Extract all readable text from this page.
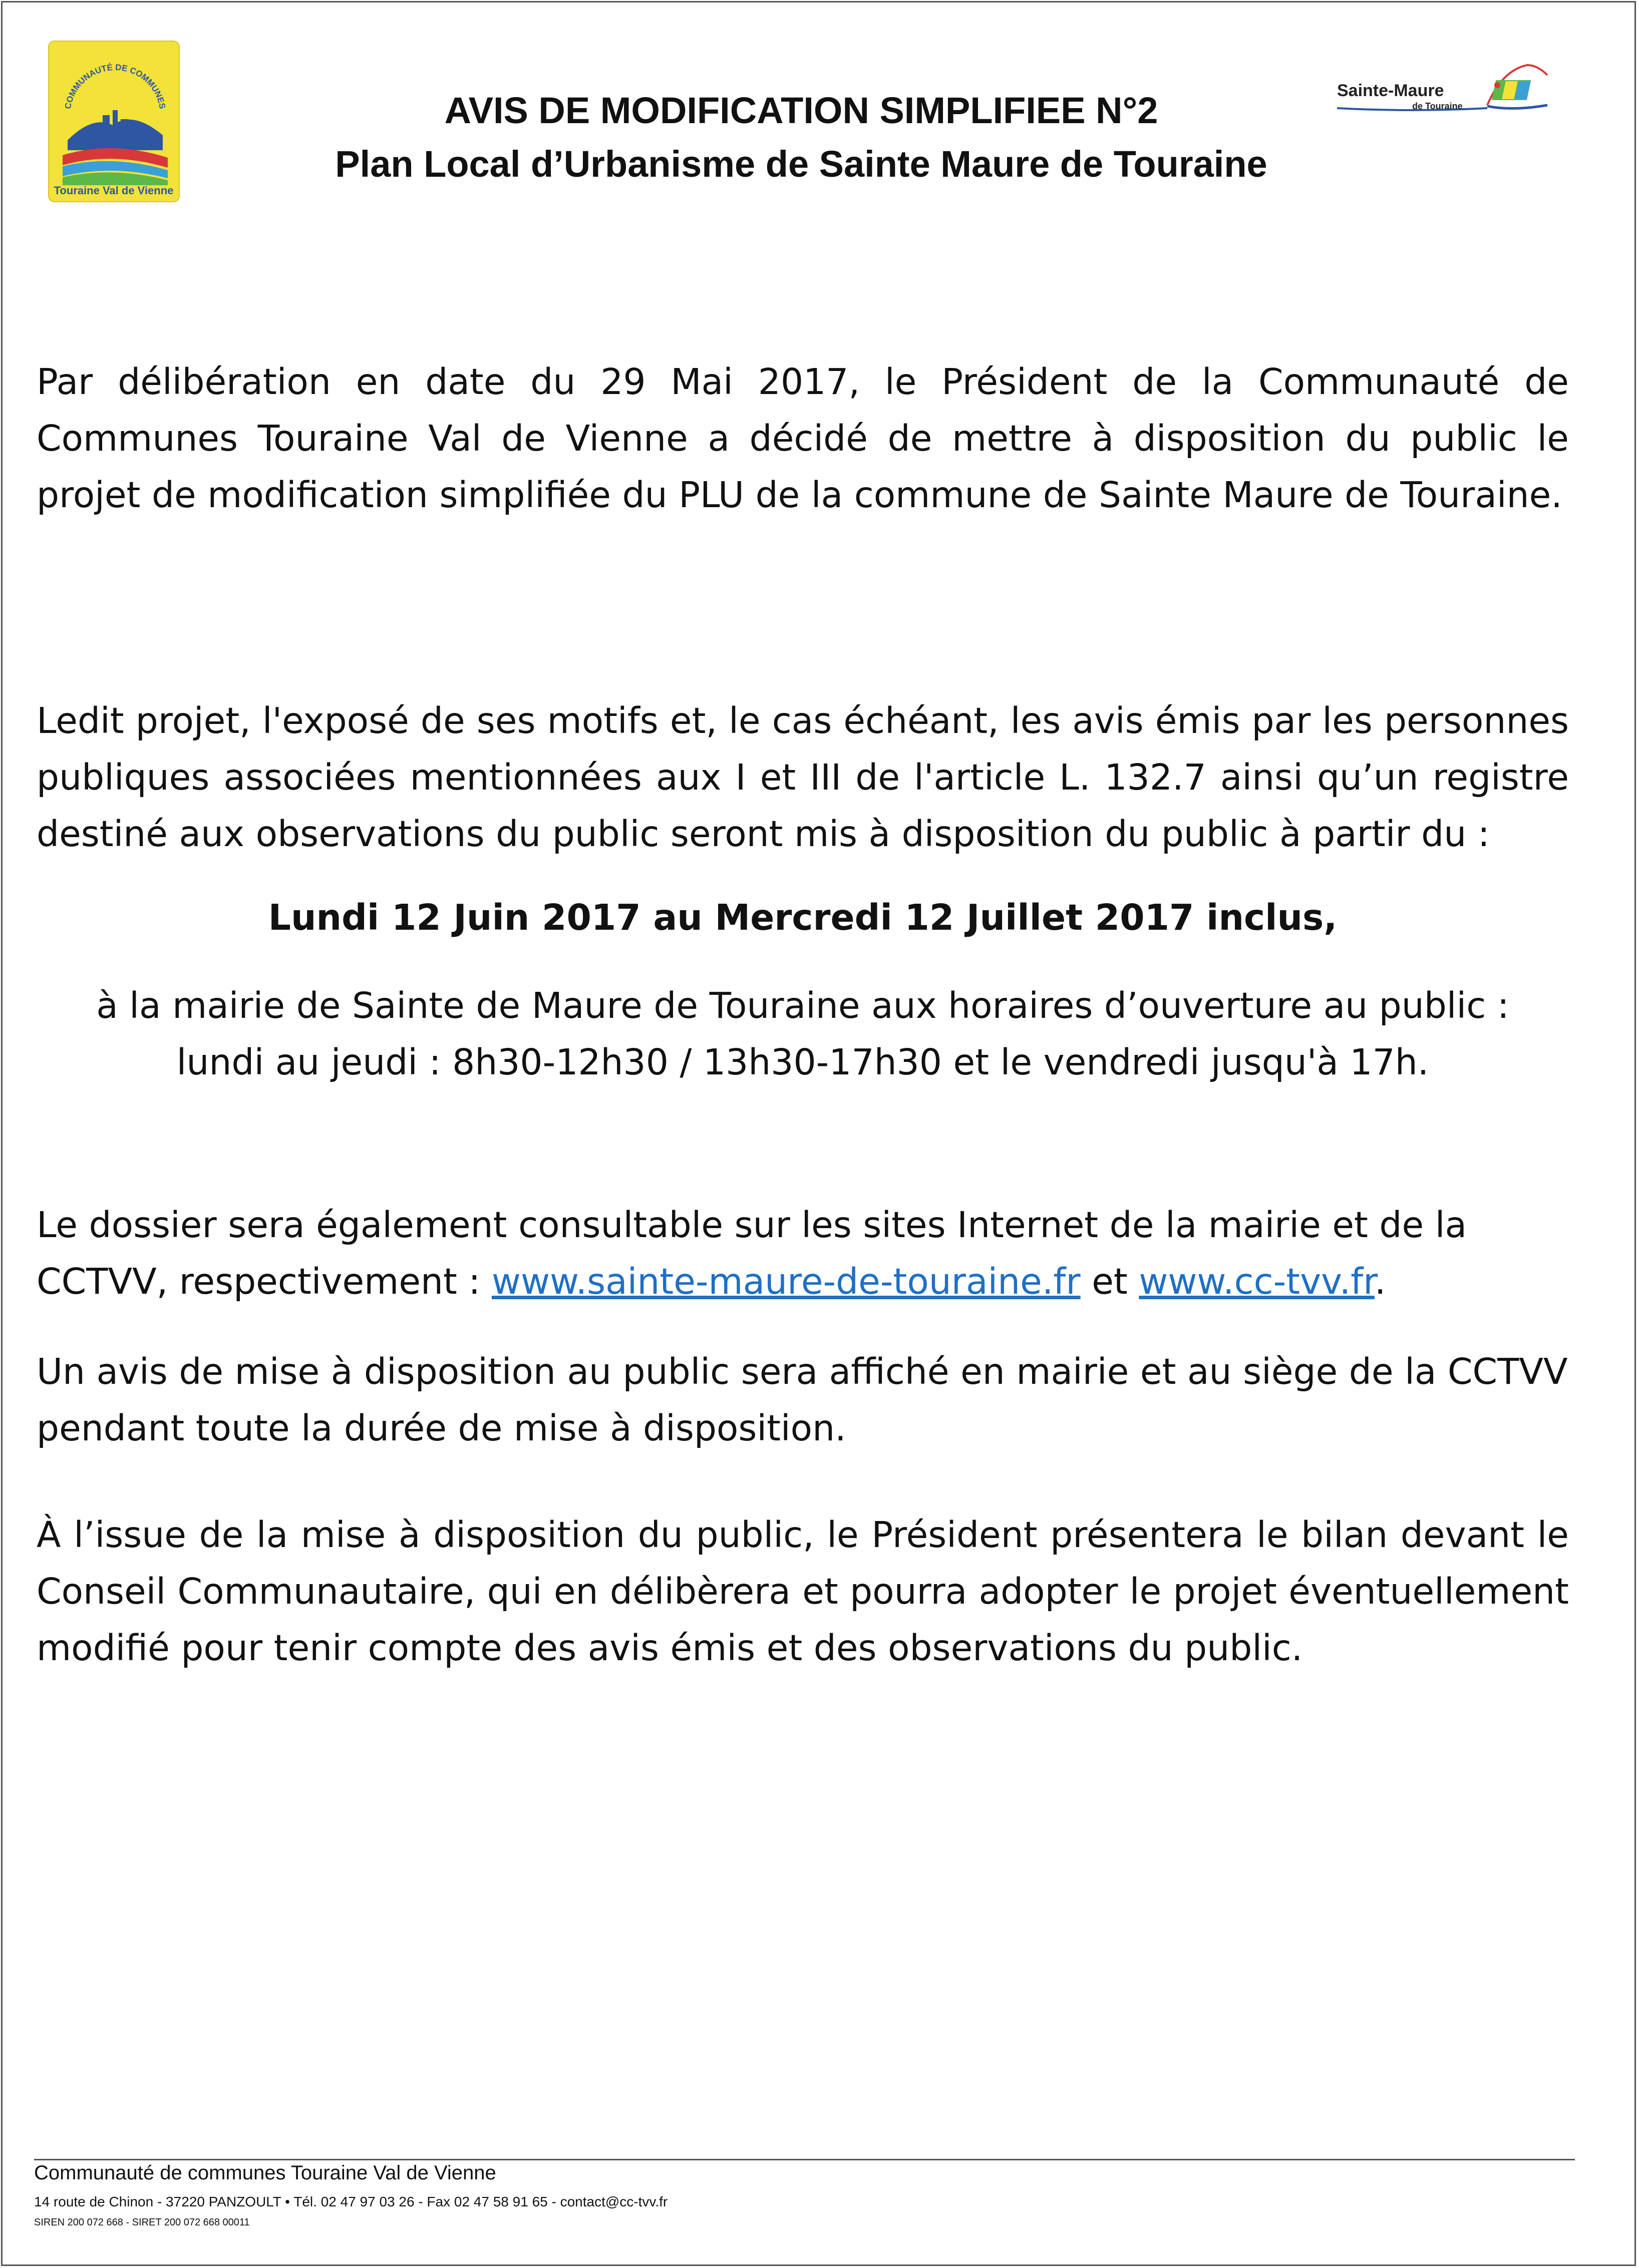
COMMUNAUTÉ DE COMMUNES
Touraine Val de Vienne
Sainte-Maure
de Touraine
AVIS DE MODIFICATION SIMPLIFIEE N°2
Plan Local d’Urbanisme de Sainte Maure de Touraine

Par délibération en date du 29 Mai 2017, le Président de la Communauté de Communes Touraine Val de Vienne a décidé de mettre à disposition du public le projet de modification simplifiée du PLU de la commune de Sainte Maure de Touraine.

Ledit projet, l'exposé de ses motifs et, le cas échéant, les avis émis par les personnes publiques associées mentionnées aux I et III de l'article L. 132.7 ainsi qu’un registre destiné aux observations du public seront mis à disposition du public à partir du :

Lundi 12 Juin 2017 au Mercredi 12 Juillet 2017 inclus,

à la mairie de Sainte de Maure de Touraine aux horaires d’ouverture au public :
lundi au jeudi : 8h30-12h30 / 13h30-17h30 et le vendredi jusqu'à 17h.

Le dossier sera également consultable sur les sites Internet de la mairie et de la CCTVV, respectivement : www.sainte-maure-de-touraine.fr et www.cc-tvv.fr.

Un avis de mise à disposition au public sera affiché en mairie et au siège de la CCTVV pendant toute la durée de mise à disposition.

À l’issue de la mise à disposition du public, le Président présentera le bilan devant le Conseil Communautaire, qui en délibèrera et pourra adopter le projet éventuellement modifié pour tenir compte des avis émis et des observations du public.

Communauté de communes Touraine Val de Vienne
14 route de Chinon - 37220 PANZOULT • Tél. 02 47 97 03 26 - Fax 02 47 58 91 65 - contact@cc-tvv.fr
SIREN 200 072 668 - SIRET 200 072 668 00011
